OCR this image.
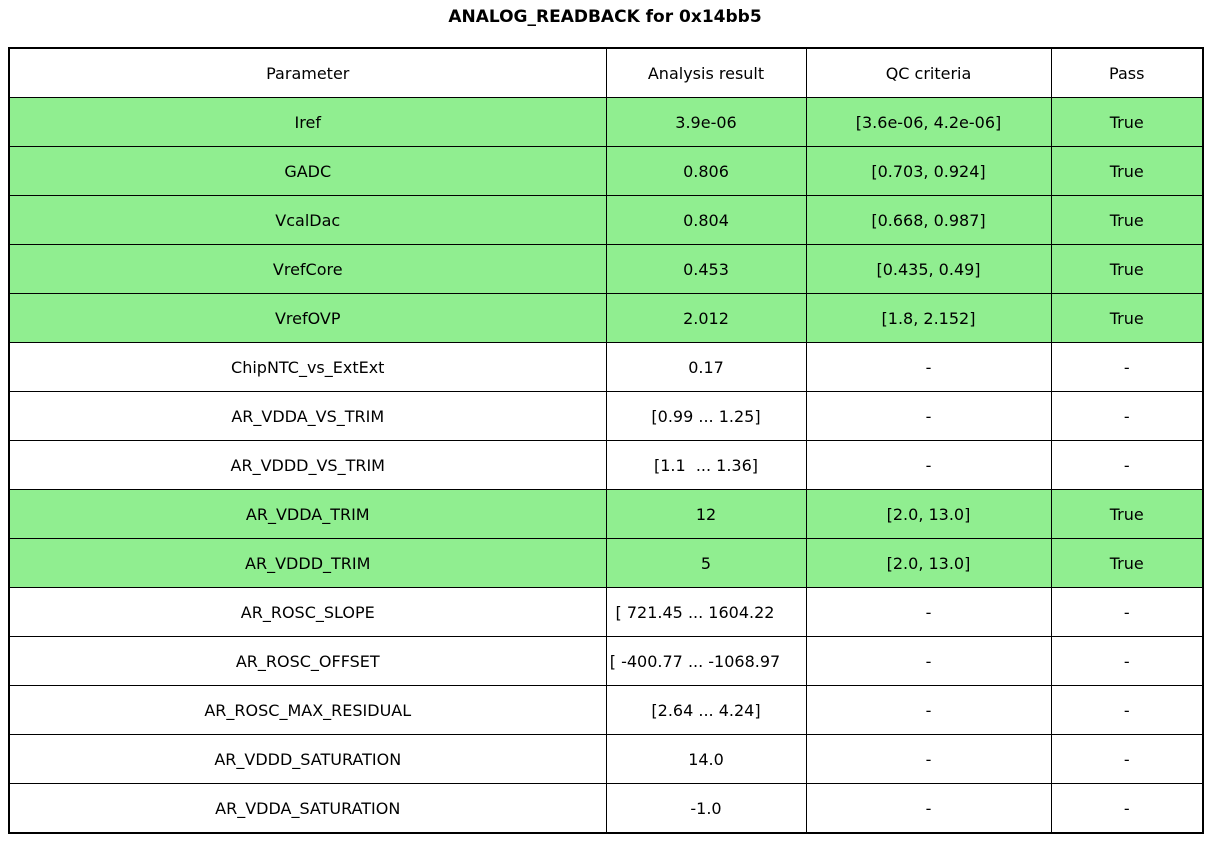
ANALOG_READBACK for 0x14bb5
Parameter	Analysis result	QC criteria	Pass
Iref	3.9e-06	[3.6e-06, 4.2e-06]	True
GADC	0.806	[0.703, 0.924]	True
VcalDac	0.804	[0.668, 0.987]	True
VrefCore	0.453	[0.435, 0.49]	True
VrefOVP	2.012	[1.8, 2.152]	True
ChipNTC_vs_ExtExt	0.17	-	-
AR_VDDA_VS_TRIM	[0.99 ... 1.25]	-	-
AR_VDDD_VS_TRIM	[1.1  ... 1.36]	-	-
AR_VDDA_TRIM	12	[2.0, 13.0]	True
AR_VDDD_TRIM	5	[2.0, 13.0]	True
AR_ROSC_SLOPE	[ 721.45 ... 1604.22	-	-
AR_ROSC_OFFSET	[ -400.77 ... -1068.97	-	-
AR_ROSC_MAX_RESIDUAL	[2.64 ... 4.24]	-	-
AR_VDDD_SATURATION	14.0	-	-
AR_VDDA_SATURATION	-1.0	-	-
